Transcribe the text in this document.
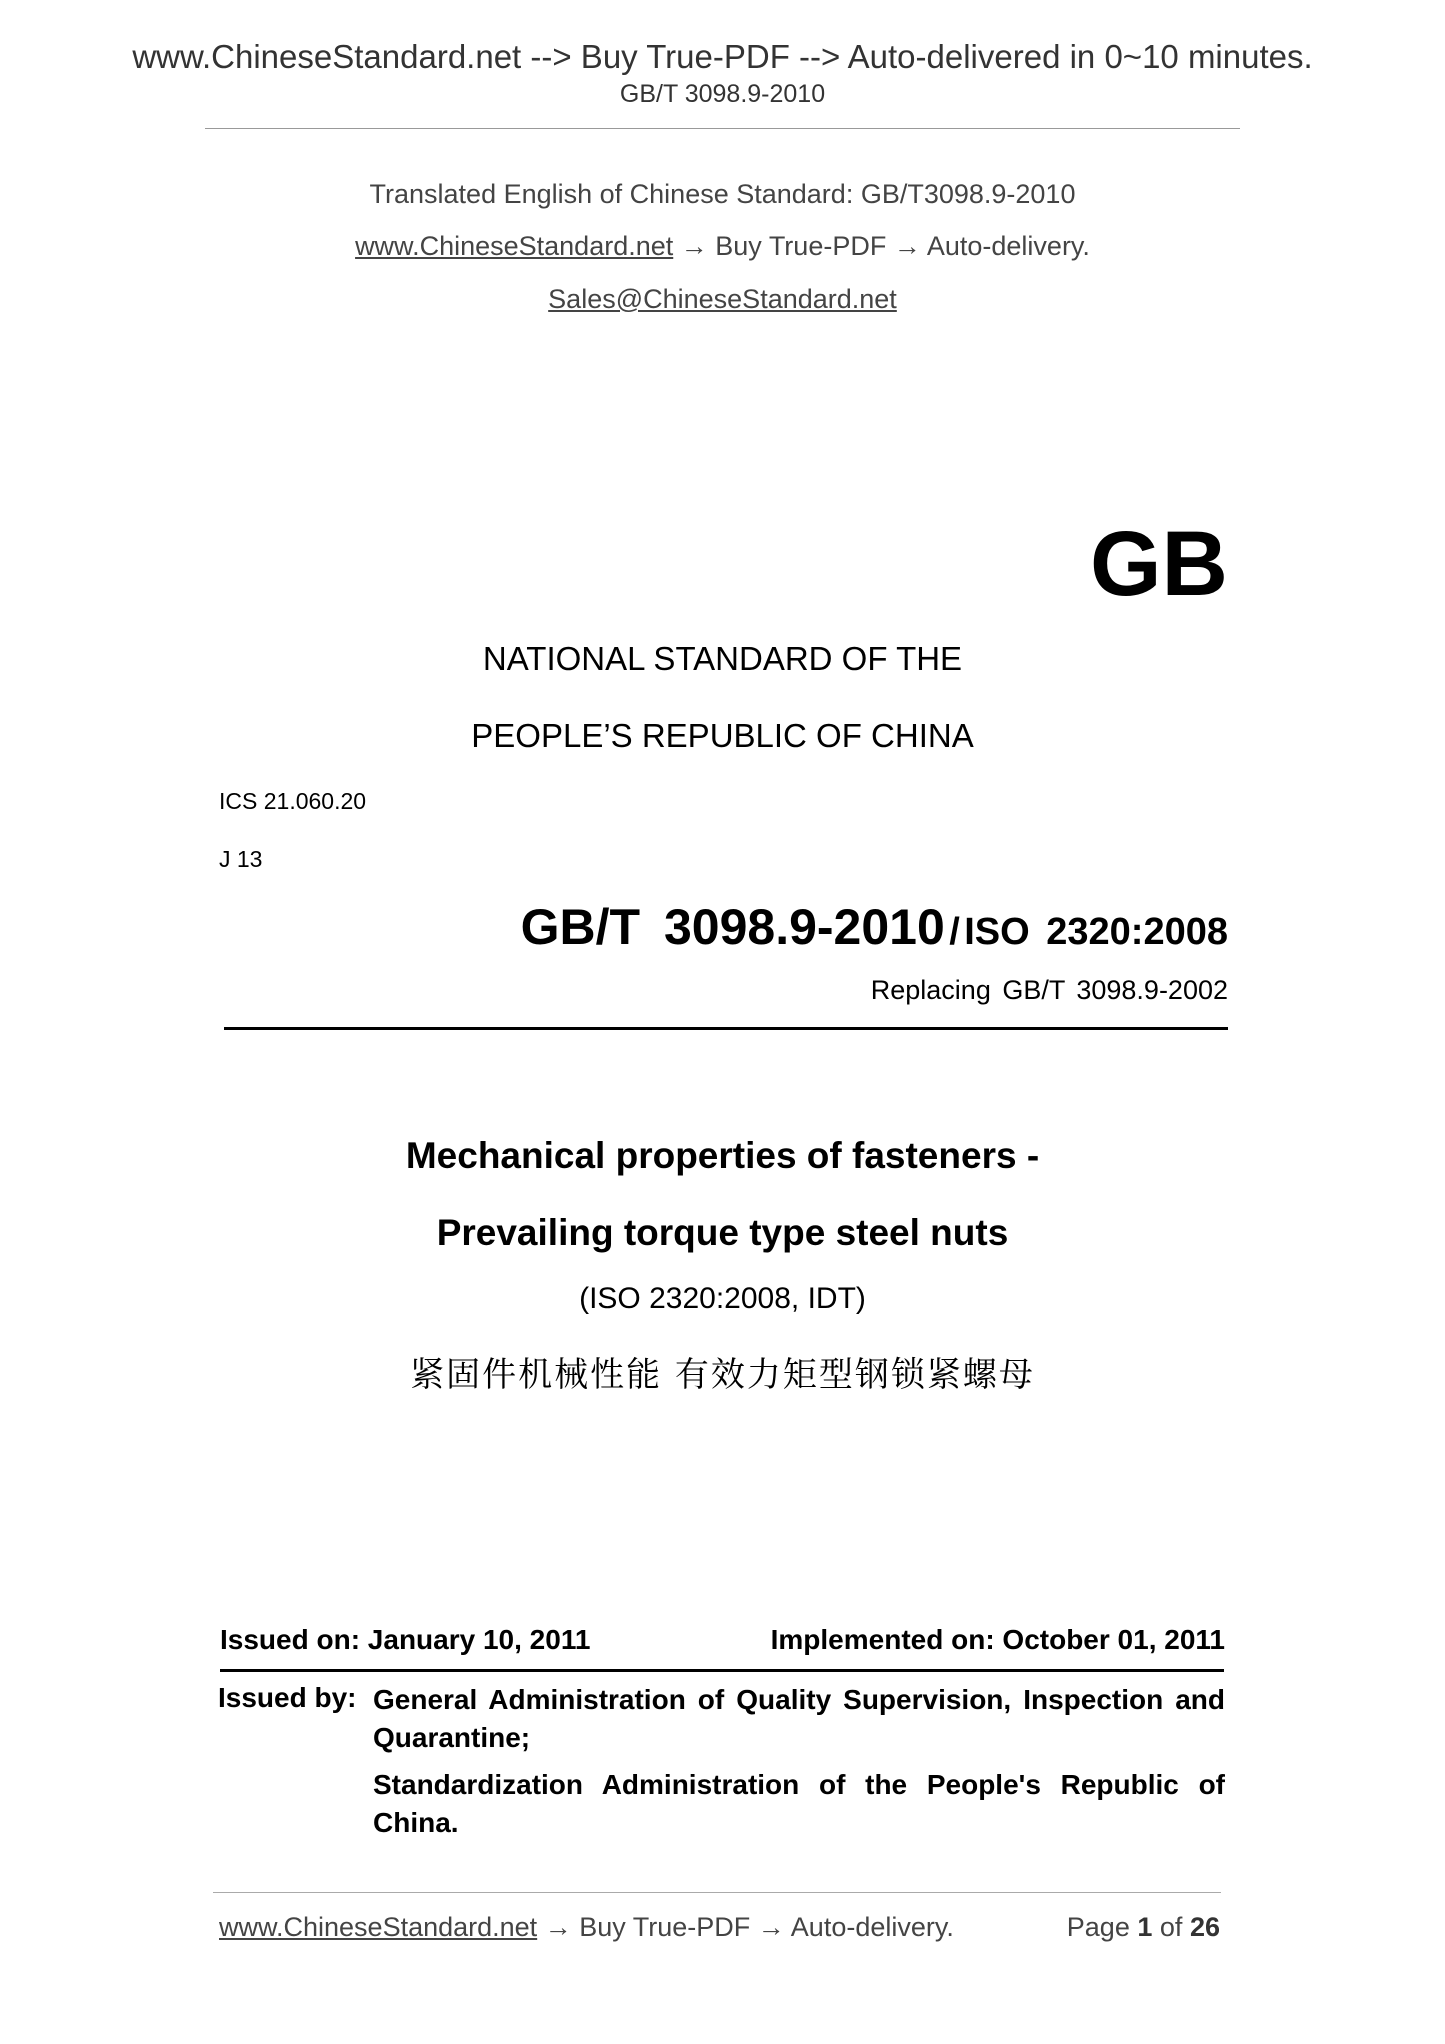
www.ChineseStandard.net --> Buy True-PDF --> Auto-delivered in 0~10 minutes.
GB/T 3098.9-2010
Translated English of Chinese Standard: GB/T3098.9-2010
www.ChineseStandard.net → Buy True-PDF → Auto-delivery.
Sales@ChineseStandard.net
GB
NATIONAL STANDARD OF THE
PEOPLE’S REPUBLIC OF CHINA
ICS 21.060.20
J 13
GB/T 3098.9-2010 / ISO 2320:2008
Replacing GB/T 3098.9-2002
Mechanical properties of fasteners -
Prevailing torque type steel nuts
(ISO 2320:2008, IDT)
紧固件机械性能 有效力矩型钢锁紧螺母
Issued on: January 10, 2011	Implemented on: October 01, 2011
Issued by: General Administration of Quality Supervision, Inspection and Quarantine;
Standardization Administration of the People's Republic of China.
www.ChineseStandard.net → Buy True-PDF → Auto-delivery.	Page 1 of 26
